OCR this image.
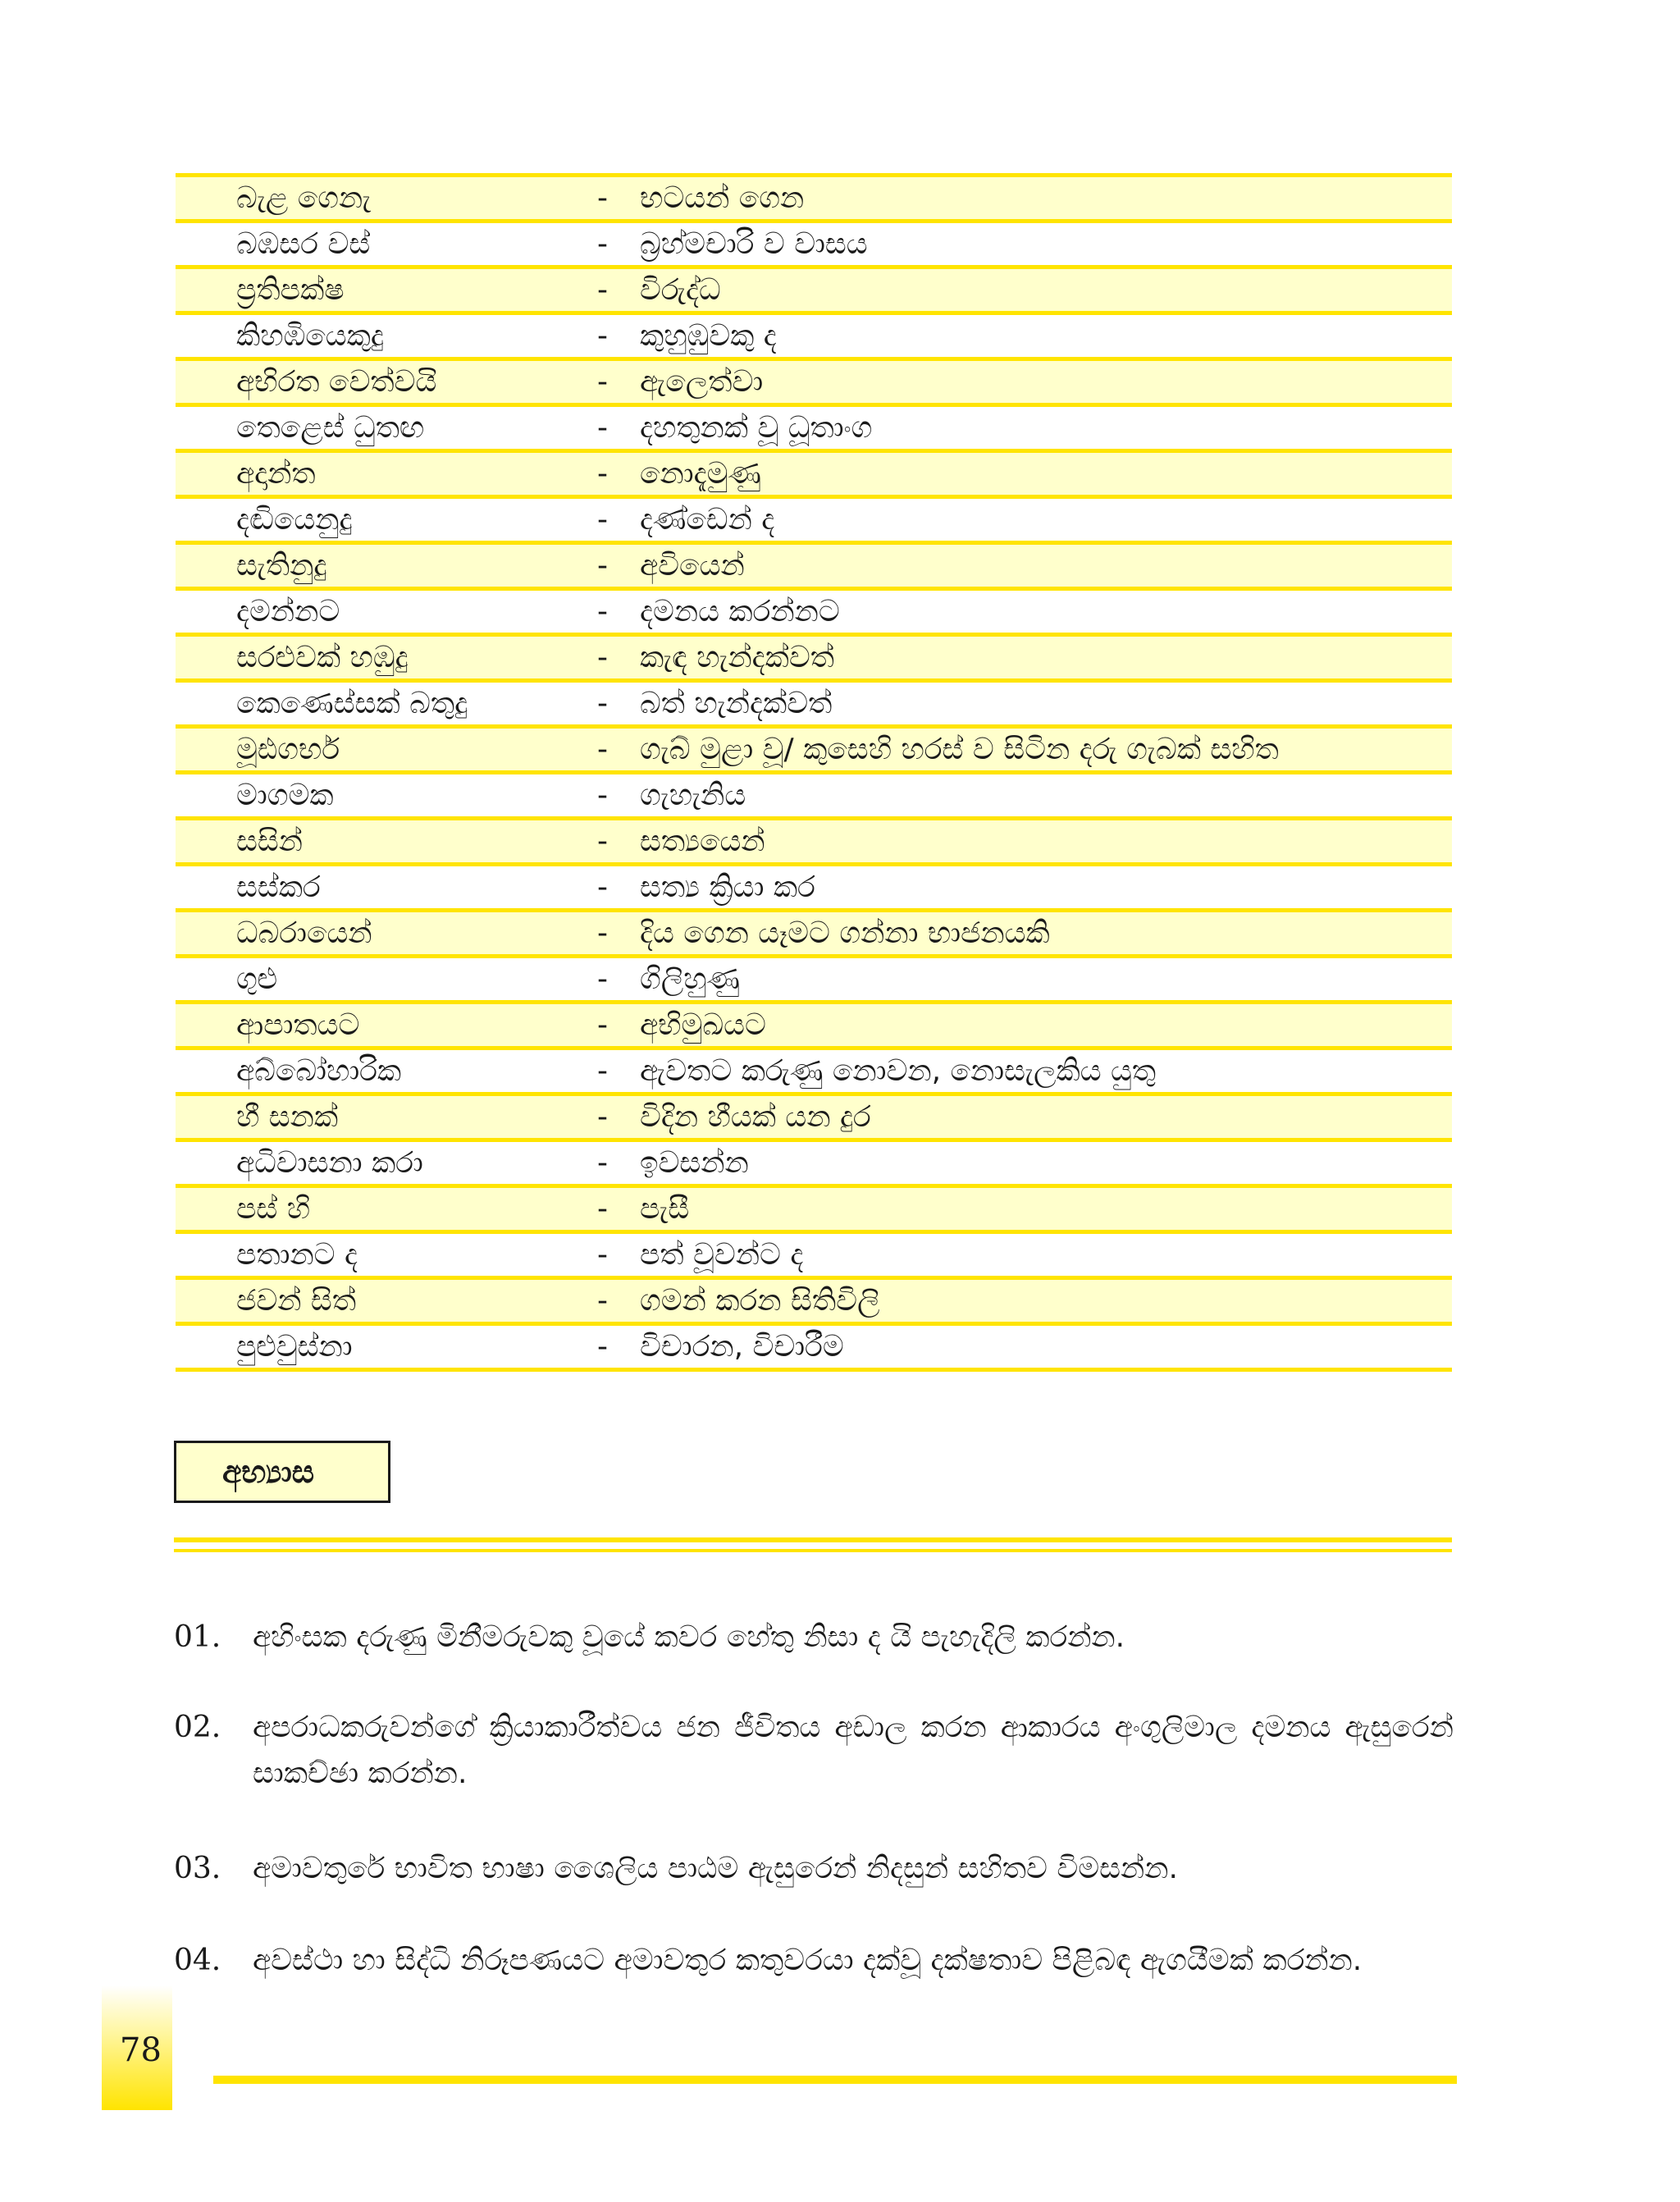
බැළ ගෙනැ	- භටයන් ගෙන
බඹසර වස්	- බ්‍රහ්මචාරි ව වාසය
ප්‍රතිපක්ෂ	- විරුද්ධ
කිහඹියෙකුදු	- කුහුඹුවකු ද
අභිරත වෙත්වයි	- ඇලෙත්වා
තෙළෙස් ධුතඟ	- දහතුනක් වූ ධූතාංග
අදාන්ත	- නොදැමුණු
දඬියෙනුදු	- දණ්ඩෙන් ද
සැතිනුදු	- අවියෙන්
දමන්නට	- දමනය කරන්නට
සරළුවක් හඹුදු	- කැඳ හැන්දක්වත්
කෙණෙස්සක් බතුදු	- බත් හැන්දක්වත්
මූඪගර්භ	- ගැබ් මුළා වූ/ කුසෙහි හරස් ව සිටින දරු ගැබක් සහිත
මාගමක	- ගැහැනිය
සසින්	- සත්‍යයෙන්
සස්කර	- සත්‍ය ක්‍රියා කර
ධබරායෙන්	- දිය ගෙන යෑමට ගන්නා භාජනයකි
ගුළු	- ගිලිහුණු
ආපාතයට	- අභිමුඛයට
අබ්බෝහාරික	- ඇවතට කරුණු නොවන, නොසැලකිය යුතු
හී සනක්	- විදින හීයක් යන දුර
අධිවාසනා කරා	- ඉවසන්න
පස් හි	- පැසී
පතානට ද	- පත් වූවන්ට ද
ජවන් සිත්	- ගමන් කරන සිතිවිලි
පුළුවුස්නා	- විචාරන, විචාරීම
අභ්‍යාස
01. අහිංසක දරුණු මිනීමරුවකු වූයේ කවර හේතු නිසා ද යි පැහැදිලි කරන්න.
02. අපරාධකරුවන්ගේ ක්‍රියාකාරීත්වය ජන ජීවිතය අඩාල කරන ආකාරය අංගුලිමාල දමනය ඇසුරෙන් සාකච්ඡා කරන්න.
03. අමාවතුරේ භාවිත භාෂා ශෛලිය පාඨම ඇසුරෙන් නිදසුන් සහිතව විමසන්න.
04. අවස්ථා හා සිද්ධි නිරූපණයට අමාවතුර කතුවරයා දක්වූ දක්ෂතාව පිළිබඳ ඇගයීමක් කරන්න.
78
